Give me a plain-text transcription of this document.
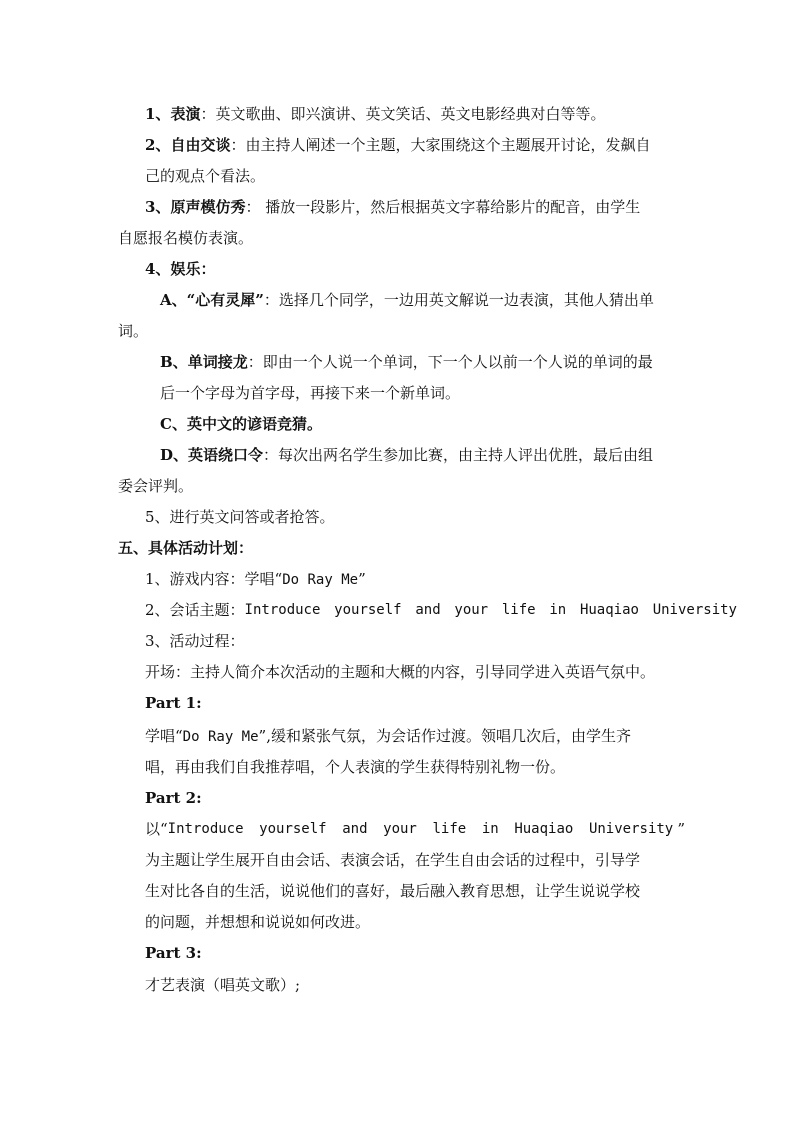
1、表演：英文歌曲、即兴演讲、英文笑话、英文电影经典对白等等。
2、自由交谈：由主持人阐述一个主题，大家围绕这个主题展开讨论，发飙自
己的观点个看法。
3、原声模仿秀： 播放一段影片，然后根据英文字幕给影片的配音，由学生
自愿报名模仿表演。
4、娱乐：
A、“心有灵犀”：选择几个同学，一边用英文解说一边表演，其他人猜出单
词。
B、单词接龙：即由一个人说一个单词，下一个人以前一个人说的单词的最
后一个字母为首字母，再接下来一个新单词。
C、英中文的谚语竞猜。
D、英语绕口令：每次出两名学生参加比赛，由主持人评出优胜，最后由组
委会评判。
5、进行英文问答或者抢答。
五、具体活动计划：
1、游戏内容：学唱“Do Ray Me”
2、会话主题： Introduce yourself and your life in Huaqiao University
3、活动过程：
开场：主持人简介本次活动的主题和大概的内容，引导同学进入英语气氛中。
Part 1:
学唱“Do Ray Me”,缓和紧张气氛，为会话作过渡。领唱几次后，由学生齐
唱，再由我们自我推荐唱，个人表演的学生获得特别礼物一份。
Part 2:
以“ Introduce yourself and your life in Huaqiao University ”
为主题让学生展开自由会话、表演会话，在学生自由会话的过程中，引导学
生对比各自的生活，说说他们的喜好，最后融入教育思想，让学生说说学校
的问题，并想想和说说如何改进。
Part 3:
才艺表演（唱英文歌）;
